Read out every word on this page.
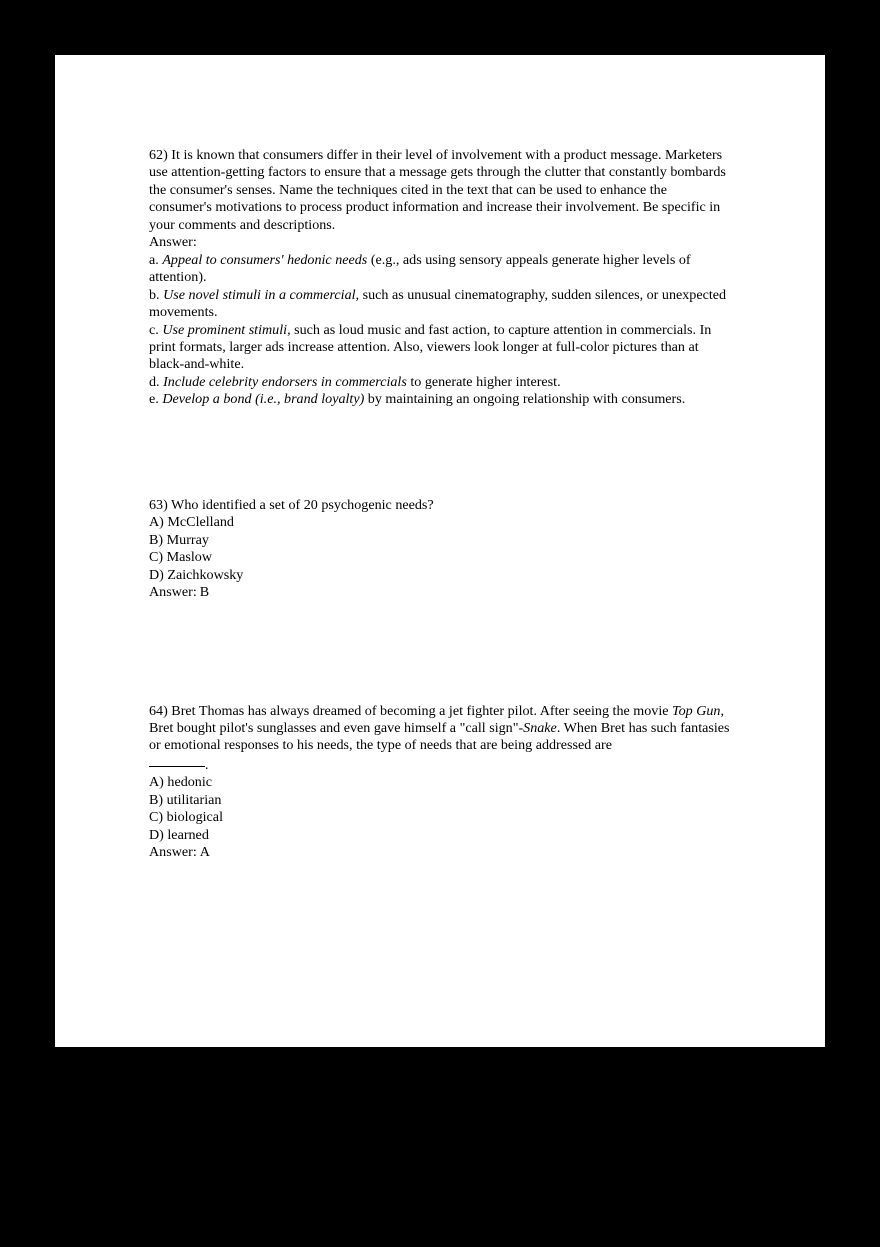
62) It is known that consumers differ in their level of involvement with a product message. Marketers use attention-getting factors to ensure that a message gets through the clutter that constantly bombards the consumer's senses. Name the techniques cited in the text that can be used to enhance the consumer's motivations to process product information and increase their involvement. Be specific in your comments and descriptions.

Answer:

a. Appeal to consumers' hedonic needs (e.g., ads using sensory appeals generate higher levels of attention).

b. Use novel stimuli in a commercial, such as unusual cinematography, sudden silences, or unexpected movements.

c. Use prominent stimuli, such as loud music and fast action, to capture attention in commercials. In print formats, larger ads increase attention. Also, viewers look longer at full-color pictures than at black-and-white.

d. Include celebrity endorsers in commercials to generate higher interest.

e. Develop a bond (i.e., brand loyalty) by maintaining an ongoing relationship with consumers.

63) Who identified a set of 20 psychogenic needs?

A) McClelland

B) Murray

C) Maslow

D) Zaichkowsky

Answer: B

64) Bret Thomas has always dreamed of becoming a jet fighter pilot. After seeing the movie Top Gun, Bret bought pilot's sunglasses and even gave himself a "call sign"-Snake. When Bret has such fantasies or emotional responses to his needs, the type of needs that are being addressed are

.

A) hedonic

B) utilitarian

C) biological

D) learned

Answer: A
